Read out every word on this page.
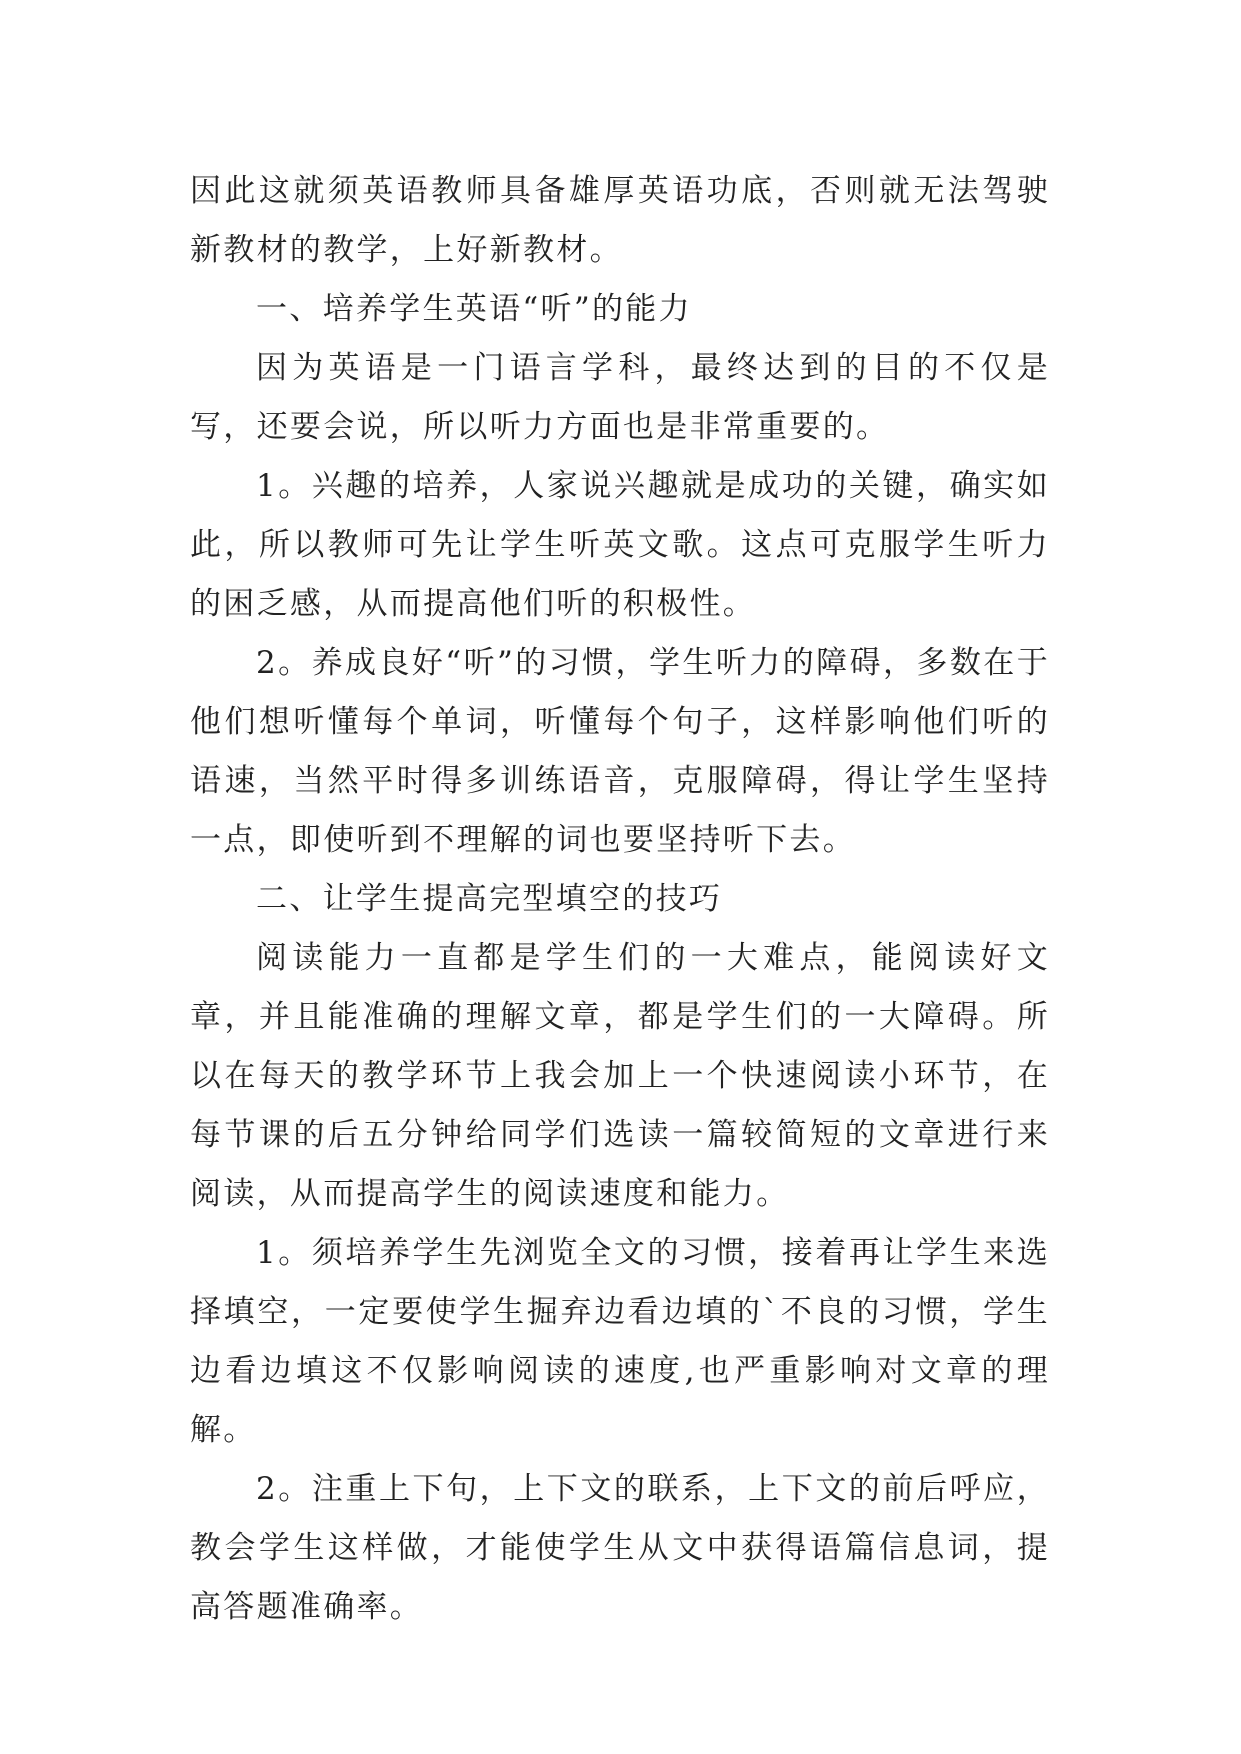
因此这就须英语教师具备雄厚英语功底，否则就无法驾驶新教材的教学，上好新教材。

一、培养学生英语“听”的能力

因为英语是一门语言学科，最终达到的目的不仅是写，还要会说，所以听力方面也是非常重要的。

1。兴趣的培养，人家说兴趣就是成功的关键，确实如此，所以教师可先让学生听英文歌。这点可克服学生听力的困乏感，从而提高他们听的积极性。

2。养成良好“听”的习惯，学生听力的障碍，多数在于他们想听懂每个单词，听懂每个句子，这样影响他们听的语速，当然平时得多训练语音，克服障碍，得让学生坚持一点，即使听到不理解的词也要坚持听下去。

二、让学生提高完型填空的技巧

阅读能力一直都是学生们的一大难点，能阅读好文章，并且能准确的理解文章，都是学生们的一大障碍。所以在每天的教学环节上我会加上一个快速阅读小环节，在每节课的后五分钟给同学们选读一篇较简短的文章进行来阅读，从而提高学生的阅读速度和能力。

1。须培养学生先浏览全文的习惯，接着再让学生来选择填空，一定要使学生掘弃边看边填的`不良的习惯，学生边看边填这不仅影响阅读的速度,也严重影响对文章的理解。

2。注重上下句，上下文的联系，上下文的前后呼应，教会学生这样做，才能使学生从文中获得语篇信息词，提高答题准确率。
